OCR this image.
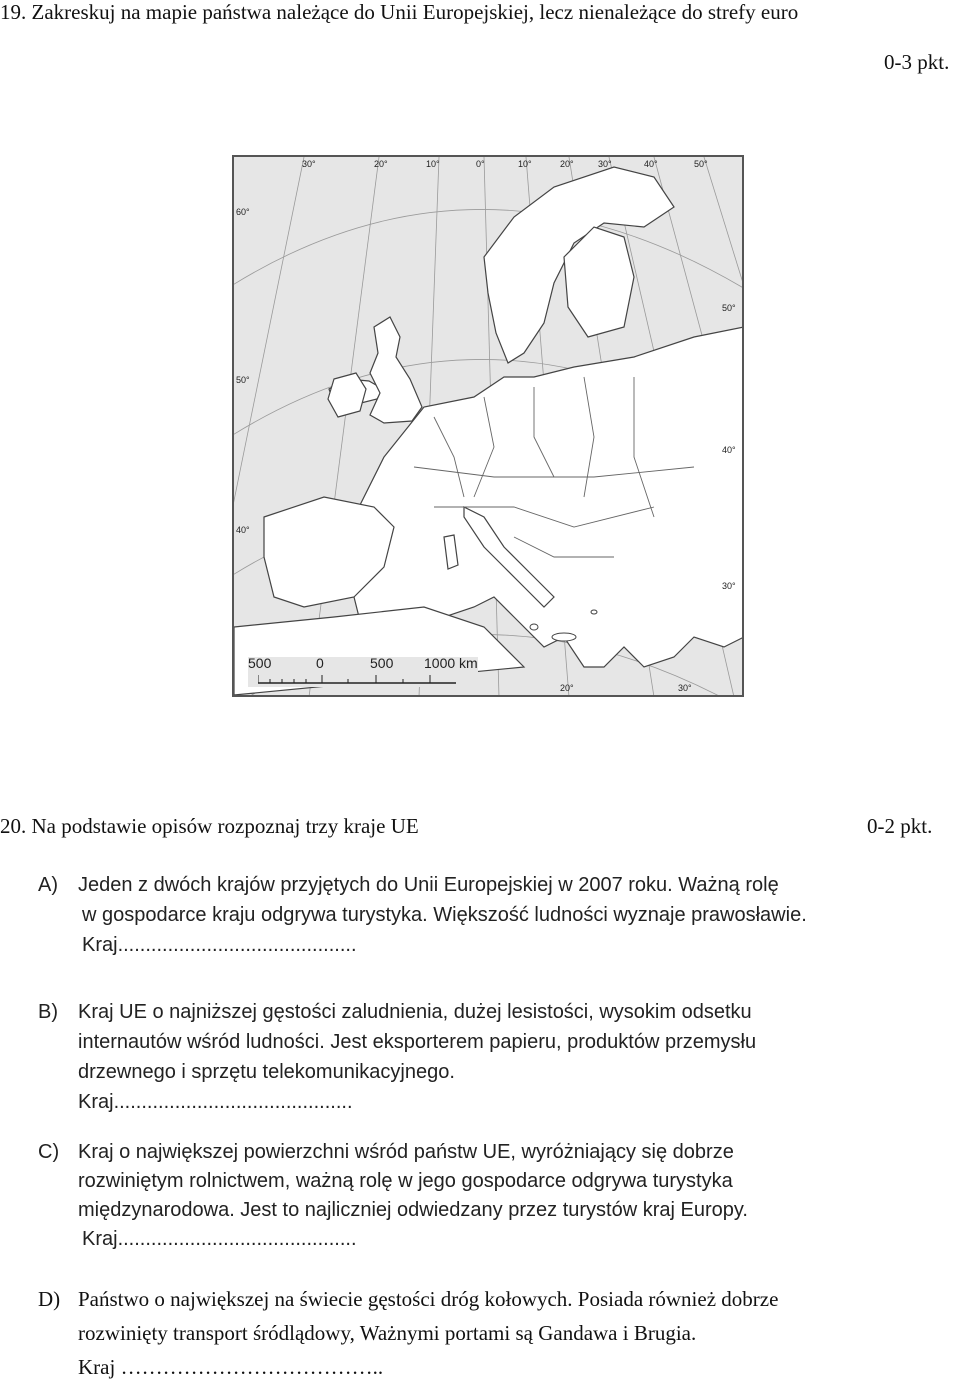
19. Zakreskuj na mapie państwa należące do Unii Europejskiej, lecz nienależące do strefy euro
0-3 pkt.
30°	20°	10°	0°	10°	20°	30°	40°	50°
60°
50°
40°
50°
40°
30°
20°	30°
500	0	500 1000 km
20. Na podstawie opisów rozpoznaj trzy kraje UE	0-2 pkt.
A) Jeden z dwóch krajów przyjętych do Unii Europejskiej w 2007 roku. Ważną rolę
w gospodarce kraju odgrywa turystyka. Większość ludności wyznaje prawosławie.
Kraj...........................................
B) Kraj UE o najniższej gęstości zaludnienia, dużej lesistości, wysokim odsetku
internautów wśród ludności. Jest eksporterem papieru, produktów przemysłu
drzewnego i sprzętu telekomunikacyjnego.
Kraj...........................................
C) Kraj o największej powierzchni wśród państw UE, wyróżniający się dobrze
rozwiniętym rolnictwem, ważną rolę w jego gospodarce odgrywa turystyka
międzynarodowa. Jest to najliczniej odwiedzany przez turystów kraj Europy.
Kraj...........................................
D) Państwo o największej na świecie gęstości dróg kołowych. Posiada również dobrze
rozwinięty transport śródlądowy, Ważnymi portami są Gandawa i Brugia.
Kraj ………………………………..
